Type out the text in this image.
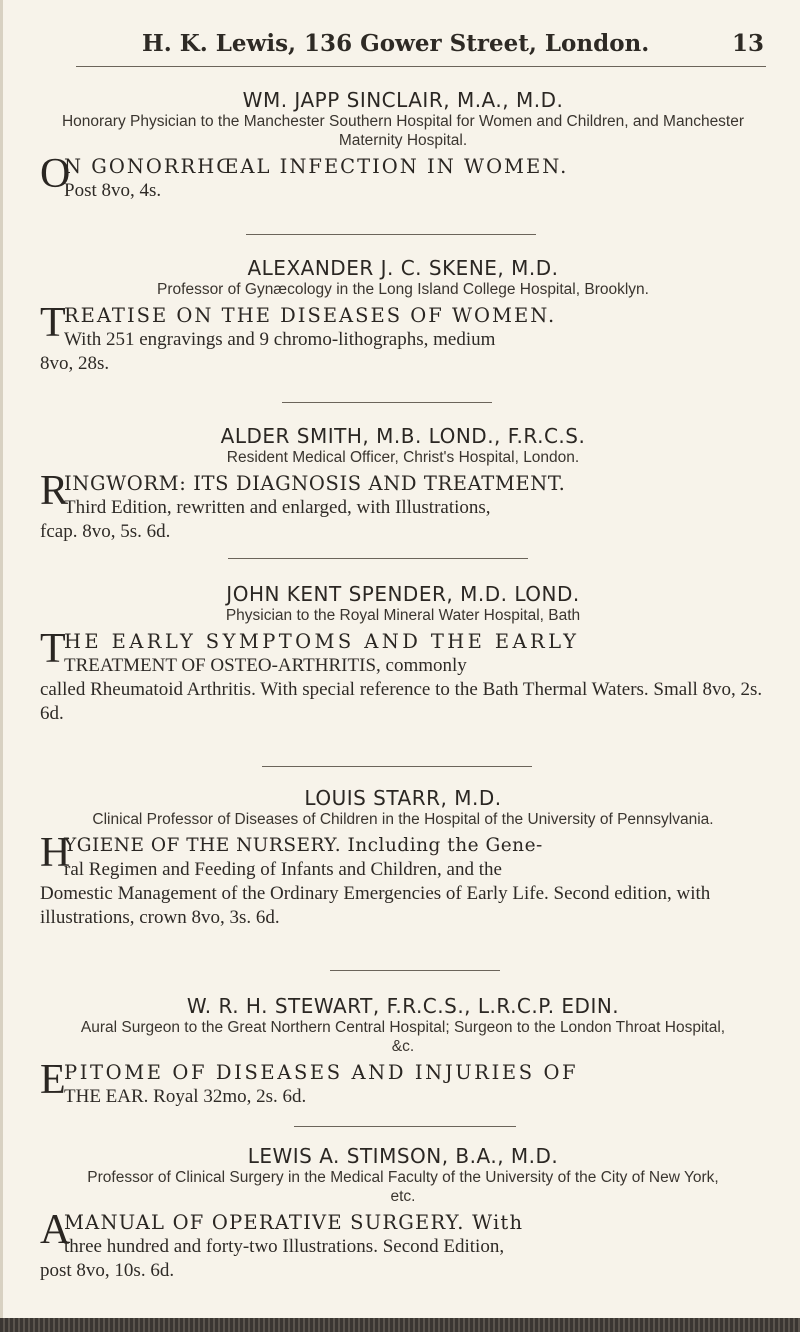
H. K. Lewis, 136 Gower Street, London.	13
WM. JAPP SINCLAIR, M.A., M.D.
Honorary Physician to the Manchester Southern Hospital for Women and Children, and Manchester Maternity Hospital.
O
N GONORRHŒAL INFECTION IN WOMEN.
Post 8vo, 4s.
ALEXANDER J. C. SKENE, M.D.
Professor of Gynæcology in the Long Island College Hospital, Brooklyn.
T
REATISE ON THE DISEASES OF WOMEN.
With 251 engravings and 9 chromo-lithographs, medium
8vo, 28s.
ALDER SMITH, M.B. LOND., F.R.C.S.
Resident Medical Officer, Christ's Hospital, London.
R
INGWORM: ITS DIAGNOSIS AND TREATMENT.
Third Edition, rewritten and enlarged, with Illustrations,
fcap. 8vo, 5s. 6d.
JOHN KENT SPENDER, M.D. LOND.
Physician to the Royal Mineral Water Hospital, Bath
T
HE EARLY SYMPTOMS AND THE EARLY
TREATMENT OF OSTEO-ARTHRITIS, commonly
called Rheumatoid Arthritis. With special reference to the Bath Thermal Waters. Small 8vo, 2s. 6d.
LOUIS STARR, M.D.
Clinical Professor of Diseases of Children in the Hospital of the University of Pennsylvania.
H
YGIENE OF THE NURSERY. Including the Gene-
ral Regimen and Feeding of Infants and Children, and the
Domestic Management of the Ordinary Emergencies of Early Life. Second edition, with illustrations, crown 8vo, 3s. 6d.
W. R. H. STEWART, F.R.C.S., L.R.C.P. EDIN.
Aural Surgeon to the Great Northern Central Hospital; Surgeon to the London Throat Hospital, &c.
E
PITOME OF DISEASES AND INJURIES OF
THE EAR. Royal 32mo, 2s. 6d.
LEWIS A. STIMSON, B.A., M.D.
Professor of Clinical Surgery in the Medical Faculty of the University of the City of New York, etc.
A
MANUAL OF OPERATIVE SURGERY. With
three hundred and forty-two Illustrations. Second Edition,
post 8vo, 10s. 6d.
